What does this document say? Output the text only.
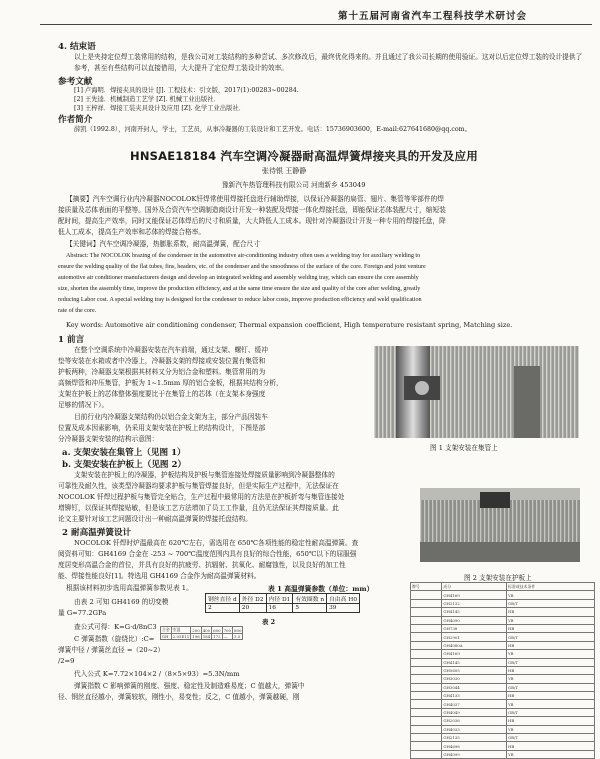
第十五届河南省汽车工程科技学术研讨会
4. 结束语
以上是夹持定位焊工装常用的结构，是我公司对工装结构的多种尝试、多次修改后，最终优化得来的。并且通过了我公司长期的使用验证。这对以后定位焊工装的设计提供了参考，甚至有些结构可以直接借用，大大提升了定位焊工装设计的效率。
参考文献
[1] 卢海明．焊接夹具的设计 [J]. 工程技术：引文版，2017(1):00283~00284.
[2] 王先逵．机械制造工艺学 [Z]. 机械工业出版社．
[3] 王梓祥．焊接工装夹具设计及应用 [Z]. 化学工业出版社．
作者简介
薛凯（1992.8），河南开封人，学士，工艺员，从事冷凝器的工装设计和工艺开发。电话：15736903600，E-mail:627641680@qq.com。
HNSAE18184 汽车空调冷凝器耐高温焊簧焊接夹具的开发及应用
张待银 王静静
豫新汽车热管理科技有限公司 河南新乡 453049
【摘要】汽车空调行业内冷凝器NOCOLOK钎焊常使用焊接托盘进行辅助焊接，以保证冷凝器的扁管、翅片、集管等零部件的焊
接质量及芯体表面的平整等。国外及合资汽车空调制造商设计开发一种装配及焊接一体化焊接托盘，即能保证芯体装配尺寸，缩短装
配时间，提高生产效率，同时又能保证芯体焊后的尺寸和质量，大大降低人工成本。现针对冷凝器设计开发一种专用的焊接托盘，降
低人工成本，提高生产效率和芯体的焊接合格率。
【关键词】汽车空调冷凝器，热膨胀系数，耐高温弹簧，配合尺寸
Abstract: The NOCOLOK brazing of the condenser in the automotive air-conditioning industry often uses a welding tray for auxiliary welding to
ensure the welding quality of the flat tubes, fins, headers, etc. of the condenser and the smoothness of the surface of the core. Foreign and joint venture
automotive air conditioner manufacturers design and develop an integrated welding and assembly welding tray, which can ensure the core assembly
size, shorten the assembly time, improve the production efficiency, and at the same time ensure the size and quality of the core after welding, greatly
reducing Labor cost. A special welding tray is designed for the condenser to reduce labor costs, improve production efficiency and weld qualification
rate of the core.
Key words: Automotive air conditioning condenser, Thermal expansion coefficient, High temperature resistant spring, Matching size.
1 前言
在整个空调系统中冷凝器安装在汽车前端，通过支架、螺钉、缓冲
垫等安装在水箱或者中冷器上，冷凝器支架的焊接或安装位置有集管和
护板两种，冷凝器支架根据其材料又分为铝合金和塑料。集管常用的为
高频焊管和冲压集管，护板为 1~1.5mm 厚的铝合金板，根据其结构分析，
支架在护板上的芯体整体强度要比于在集管上的芯体（在支架本身强度
足够的情况下）。
目前行业内冷凝器支架结构仍以铝合金支架为主，部分产品因装车
位置及成本因素影响，仍采用支架安装在护板上的结构设计，下图是部
分冷凝器支架安装的结构示意图：
a. 支架安装在集管上（见图 1）
b. 支架安装在护板上（见图 2）
图 1 支架安装在集管上
支架安装在护板上的冷凝器，护板结构及护板与集管连接处焊接质量影响到冷凝器整体的
可靠性及耐久性，该类型冷凝器均要求护板与集管焊接良好，但是实际生产过程中，无法保证在
NOCOLOK 钎焊过程护板与集管完全贴合，生产过程中最常用的方法是在护板折弯与集管连接处
增铆钉，以保证其焊接贴敏，但是该工艺方法增加了员工工作量，且仍无法保证其焊接质量。此
论文主要针对该工艺问题设计出一种耐高温弹簧的焊接托盘结构。
2 耐高温弹簧设计
NOCOLOK 钎焊时炉温最高在 620℃左右，需选用在 650℃各项性能的稳定性耐高温弹簧。查
阅资料可知：GH4169 合金在 -253 ~ 700℃温度范围内具有良好的综合性能，650℃以下的屈服强
度居变形高温合金的首位，并具有良好的抗疲劳、抗辐射、抗氧化、耐腐蚀性，以及良好的加工性
能、焊接性能良好[1]。特选用 GH4169 合金作为耐高温弹簧材料。	图 2 支架安装在护板上
根据该材料初步选用高温弹簧参数见表 1。	表 1 高温弹簧参数（单位：mm）
钢丝直径 d	外径 D2	内径 D1	有效圈数 n	自由高 H0
2	20	16	5	39
表 2
合金	室温	200	400	600	700	800
GH	2.05E11	196	184	172	—	3.5
牌号	成分	标准或技术条件
	GH4169	YB
	GH2132	GB/T
	GH4145	HB
	GH4090	YB
	GH738	HB
	GH2901	GB/T
	GH4080A	HB
	GH4169	YB
	GH4145	GB/T
	GH5605	HB
	GH3030	YB
	GH3044	GB/T
	GH4133	HB
	GH4037	YB
	GH4049	GB/T
	GH2036	HB
	GH4033	YB
	GH2135	GB/T
	GH4698	HB
	GH4099	YB
由表 2 可知 GH4169 的切变模
量 G=77.2GPa
查公式可得：K=G·d/8nC3
C 弹簧指数（旋绕比）:C=
弹簧中径 / 弹簧丝直径 =（20~2）
/2=9
代入公式 K=7.72×104×2 /（8×5×93）=5.3N/mm
弹簧指数 C 影响弹簧的刚度、强度、稳定性及制造难易度；C 值越大，弹簧中
径、钢丝直径越小，弹簧较软，刚性小，易变性；反之，C 值越小，弹簧越硬，刚
